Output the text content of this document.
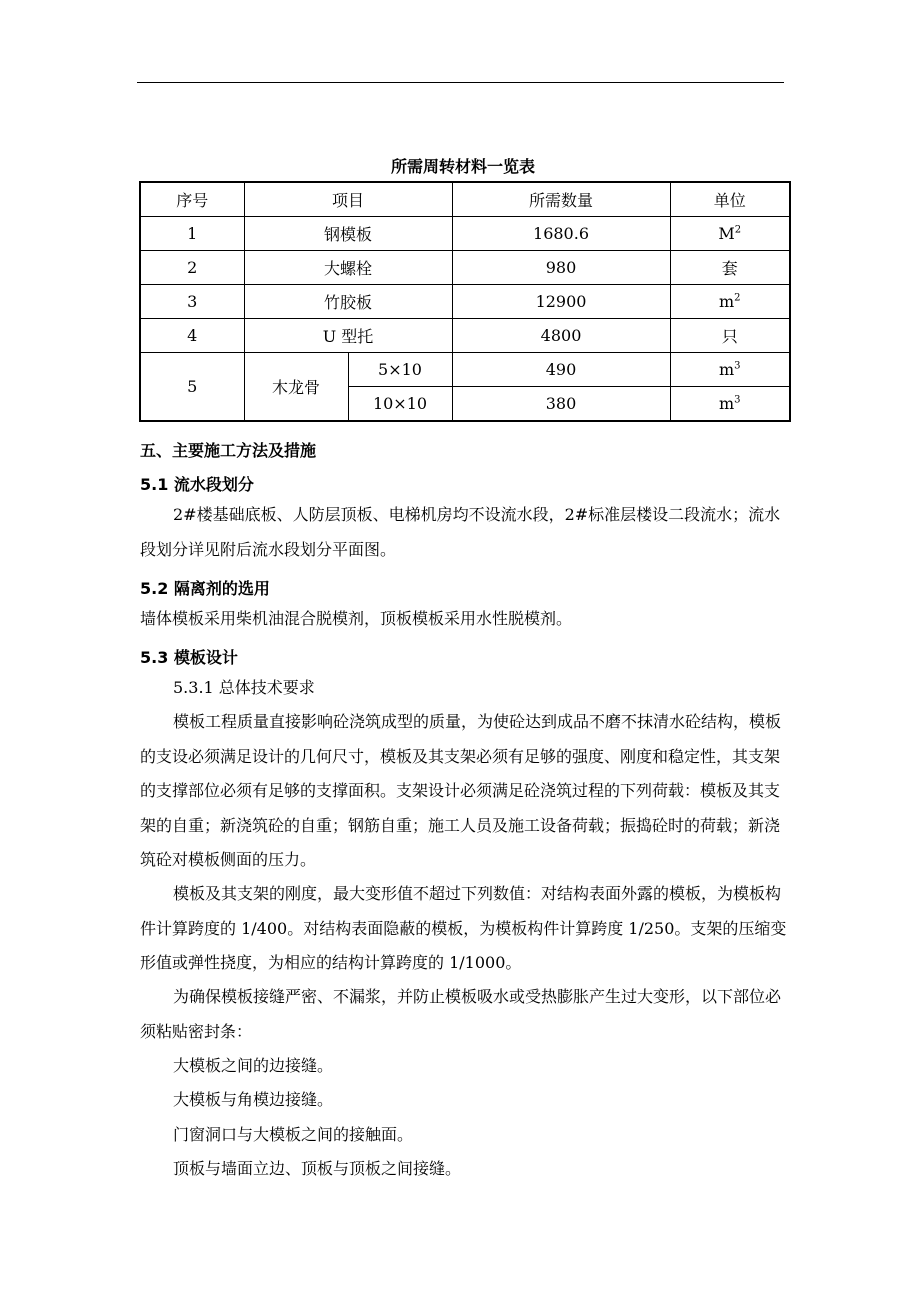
所需周转材料一览表
序号	项目		所需数量	单位
1	钢模板		1680.6	$M^2$
2	大螺栓		980	套
3	竹胶板		12900	$m^2$
4	U 型托		4800	只
5	木龙骨	5×10	490	$m^3$
		10×10	380	$m^3$
五、主要施工方法及措施
5.1 流水段划分
2#楼基础底板、人防层顶板、电梯机房均不设流水段，2#标准层楼设二段流水；流水段划分详见附后流水段划分平面图。
5.2 隔离剂的选用
墙体模板采用柴机油混合脱模剂，顶板模板采用水性脱模剂。
5.3 模板设计
5.3.1 总体技术要求
模板工程质量直接影响砼浇筑成型的质量，为使砼达到成品不磨不抹清水砼结构，模板的支设必须满足设计的几何尺寸，模板及其支架必须有足够的强度、刚度和稳定性，其支架的支撑部位必须有足够的支撑面积。支架设计必须满足砼浇筑过程的下列荷载：模板及其支架的自重；新浇筑砼的自重；钢筋自重；施工人员及施工设备荷载；振捣砼时的荷载；新浇筑砼对模板侧面的压力。
模板及其支架的刚度，最大变形值不超过下列数值：对结构表面外露的模板，为模板构件计算跨度的 1/400。对结构表面隐蔽的模板，为模板构件计算跨度 1/250。支架的压缩变形值或弹性挠度，为相应的结构计算跨度的 1/1000。
为确保模板接缝严密、不漏浆，并防止模板吸水或受热膨胀产生过大变形，以下部位必须粘贴密封条：
大模板之间的边接缝。
大模板与角模边接缝。
门窗洞口与大模板之间的接触面。
顶板与墙面立边、顶板与顶板之间接缝。
